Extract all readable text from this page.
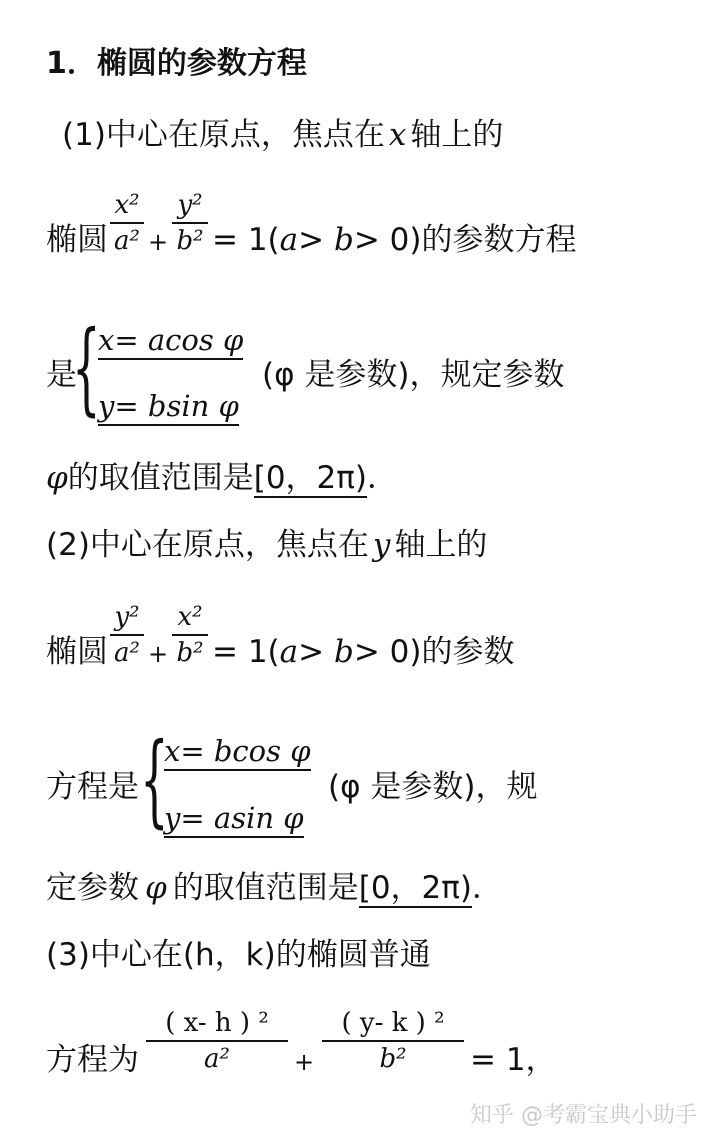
1．椭圆的参数方程
(1)中心在原点，焦点在 x 轴上的
椭圆
x²
a² +
y²
b² = 1(a> b> 0)的参数方程
是
{
x= acos φ
y= bsin φ
(φ 是参数)，规定参数
φ的取值范围是[0，2π)．
(2)中心在原点，焦点在 y 轴上的
椭圆
y²
a² +
x²
b² = 1(a> b> 0)的参数
方程是 {
x= bcos φ
y= asin φ
(φ 是参数)，规
定参数 φ 的取值范围是[0，2π)．
(3)中心在(h，k)的椭圆普通
方程为
( x- h ) ²
a²	+
( y- k ) ²
b²	= 1，
知乎 @考霸宝典小助手
